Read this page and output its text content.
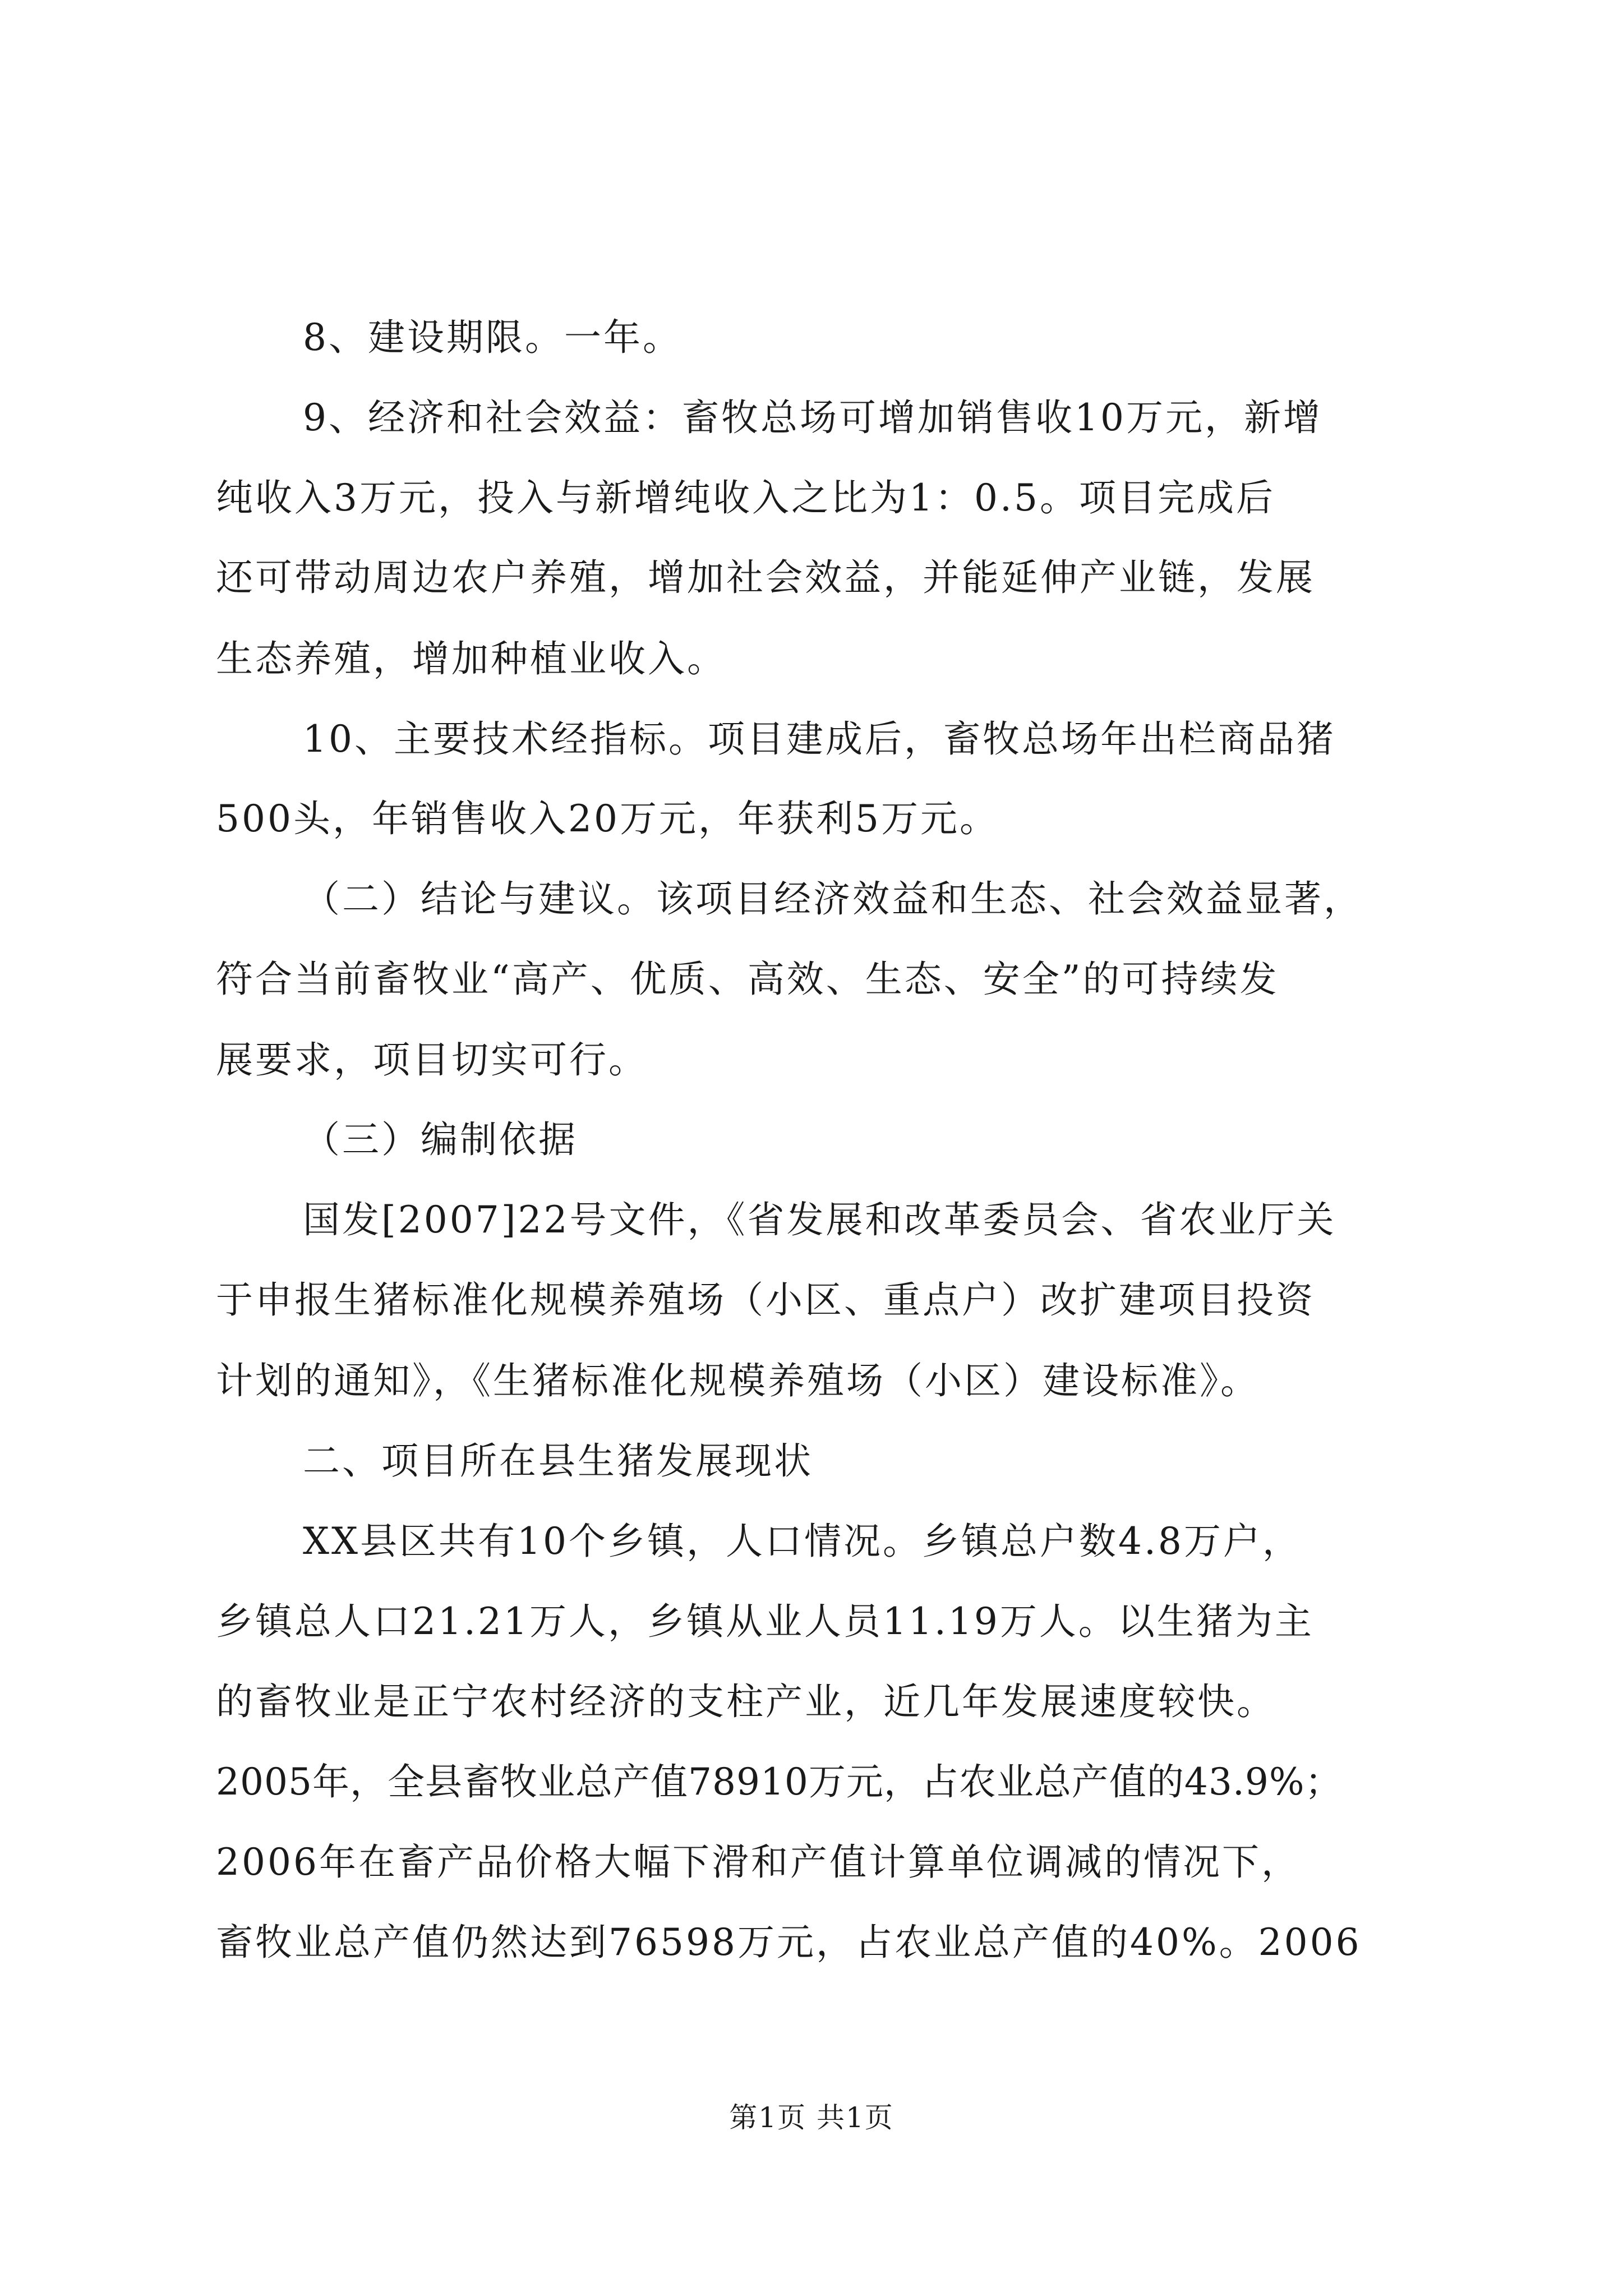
8、建设期限。一年。
9、经济和社会效益：畜牧总场可增加销售收10万元，新增
纯收入3万元，投入与新增纯收入之比为1：0.5。项目完成后
还可带动周边农户养殖，增加社会效益，并能延伸产业链，发展
生态养殖，增加种植业收入。
10、主要技术经指标。项目建成后，畜牧总场年出栏商品猪
500头，年销售收入20万元，年获利5万元。
（二）结论与建议。该项目经济效益和生态、社会效益显著，
符合当前畜牧业“高产、优质、高效、生态、安全”的可持续发
展要求，项目切实可行。
（三）编制依据
国发[2007]22号文件，《省发展和改革委员会、省农业厅关
于申报生猪标准化规模养殖场（小区、重点户）改扩建项目投资
计划的通知》，《生猪标准化规模养殖场（小区）建设标准》。
二、项目所在县生猪发展现状
XX县区共有10个乡镇，人口情况。乡镇总户数4.8万户，
乡镇总人口21.21万人，乡镇从业人员11.19万人。以生猪为主
的畜牧业是正宁农村经济的支柱产业，近几年发展速度较快。
2005年，全县畜牧业总产值78910万元，占农业总产值的43.9%；
2006年在畜产品价格大幅下滑和产值计算单位调减的情况下，
畜牧业总产值仍然达到76598万元，占农业总产值的40%。2006
第1页 共1页
